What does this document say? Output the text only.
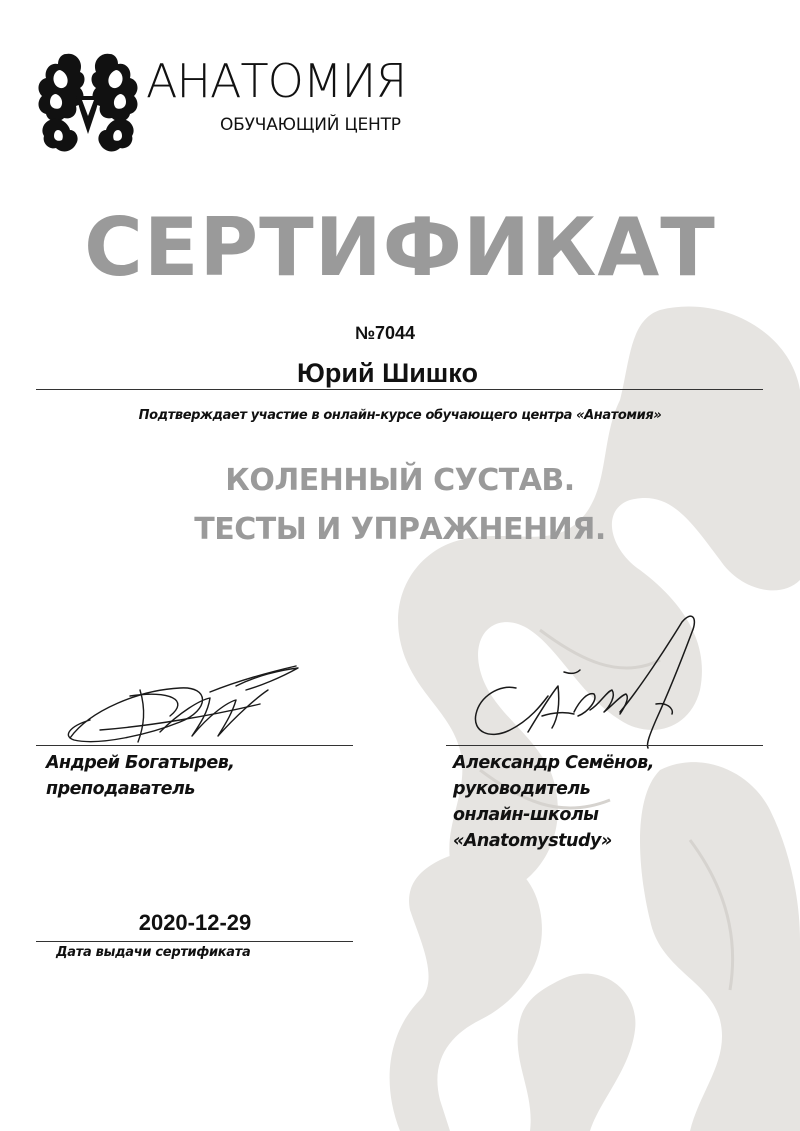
АНАТОМИЯ
ОБУЧАЮЩИЙ ЦЕНТР
СЕРТИФИКАТ
№7044
Юрий Шишко
Подтверждает участие в онлайн-курсе обучающего центра «Анатомия»
КОЛЕННЫЙ СУСТАВ.
ТЕСТЫ И УПРАЖНЕНИЯ.
Андрей Богатырев,
преподаватель
Александр Семёнов,
руководитель
онлайн-школы
«Anatomystudy»
2020-12-29
Дата выдачи сертификата
